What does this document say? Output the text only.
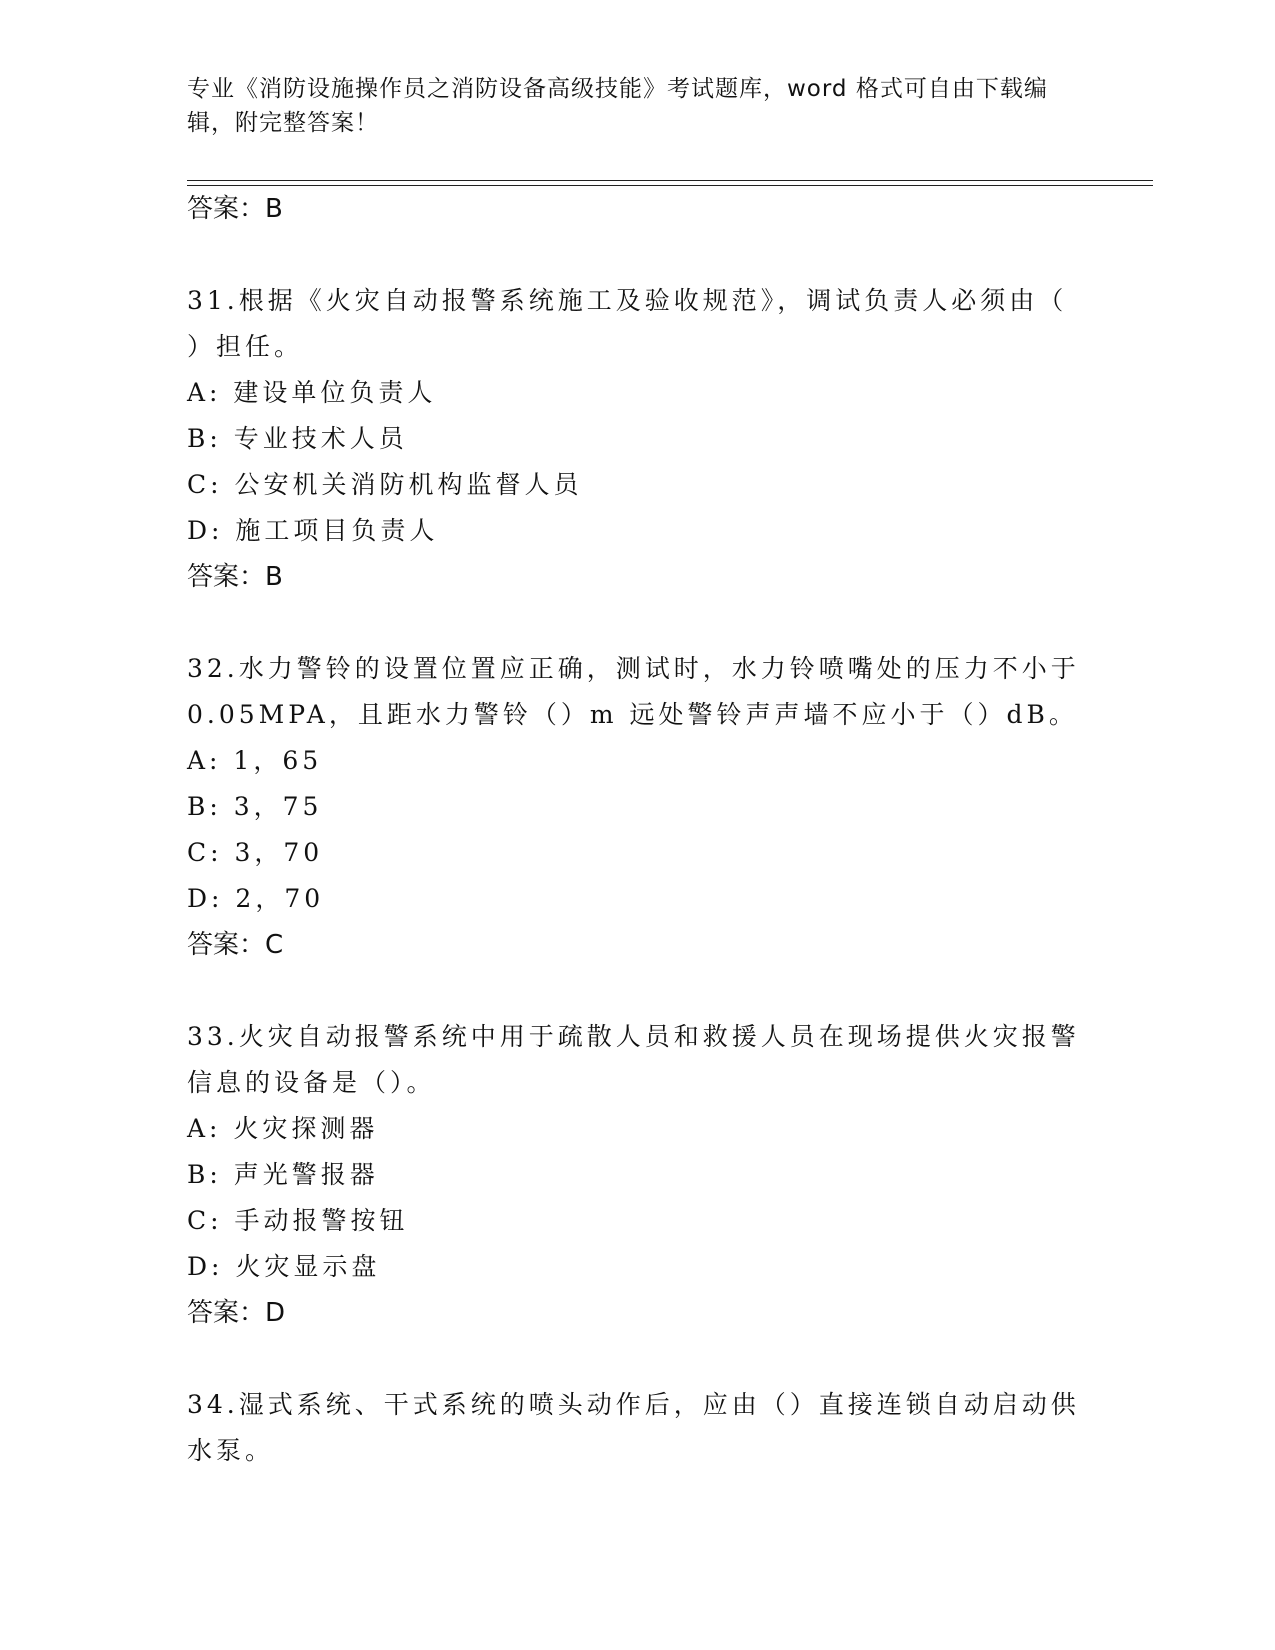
专业《消防设施操作员之消防设备高级技能》考试题库，word 格式可自由下载编
辑，附完整答案！
答案：B
31.根据《火灾自动报警系统施工及验收规范》，调试负责人必须由（
）担任。
A: 建设单位负责人
B: 专业技术人员
C: 公安机关消防机构监督人员
D: 施工项目负责人
答案：B
32.水力警铃的设置位置应正确，测试时，水力铃喷嘴处的压力不小于
0.05MPA，且距水力警铃（）m 远处警铃声声墙不应小于（）dB。
A: 1，65
B: 3，75
C: 3，70
D: 2，70
答案：C
33.火灾自动报警系统中用于疏散人员和救援人员在现场提供火灾报警
信息的设备是（）。
A: 火灾探测器
B: 声光警报器
C: 手动报警按钮
D: 火灾显示盘
答案：D
34.湿式系统、干式系统的喷头动作后，应由（）直接连锁自动启动供
水泵。
